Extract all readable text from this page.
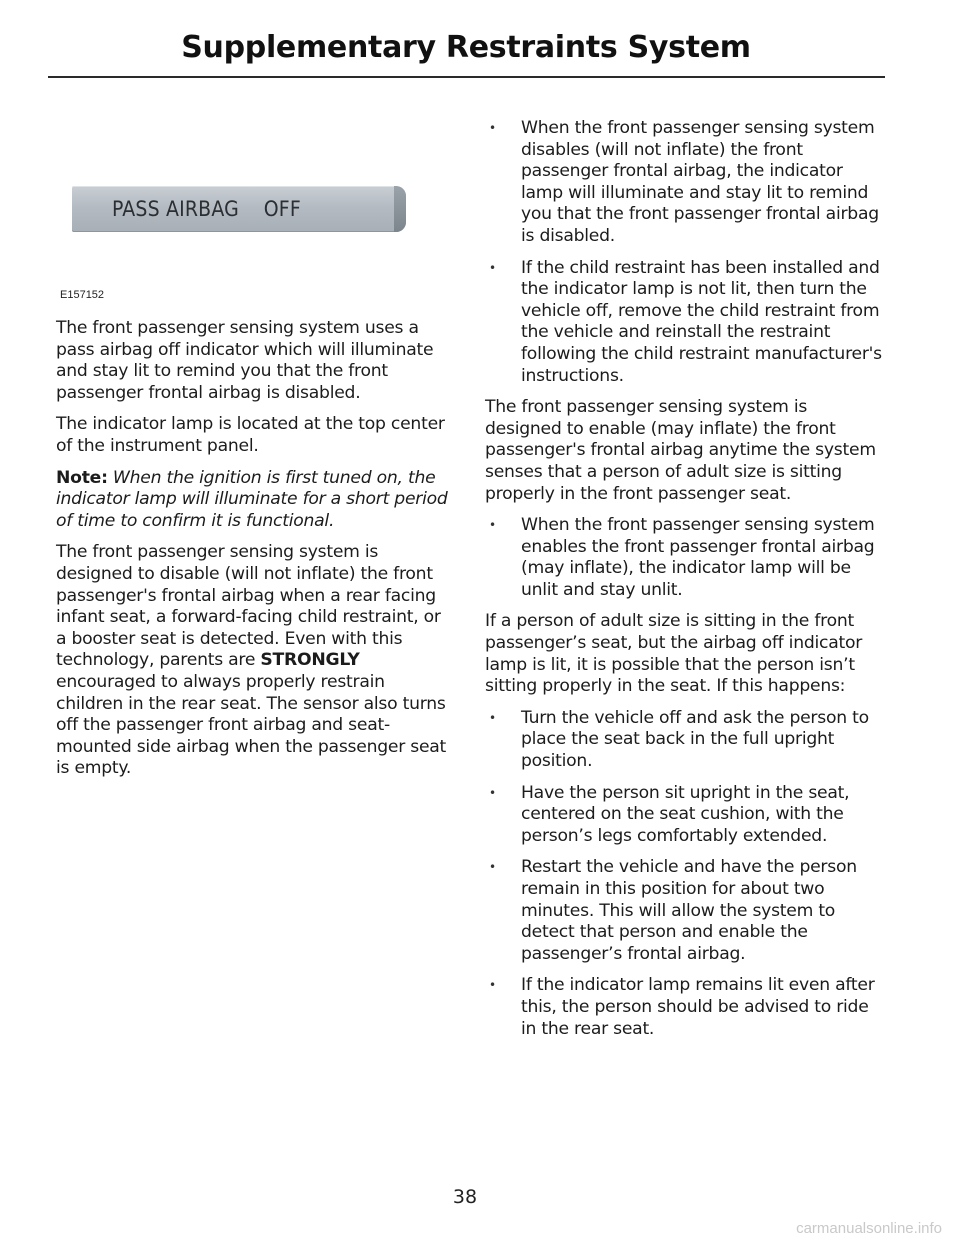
Supplementary Restraints System
PASS AIRBAG    OFF
E157152

The front passenger sensing system uses a pass airbag off indicator which will illuminate and stay lit to remind you that the front passenger frontal airbag is disabled.

The indicator lamp is located at the top center of the instrument panel.

Note: When the ignition is first tuned on, the indicator lamp will illuminate for a short period of time to confirm it is functional.

The front passenger sensing system is designed to disable (will not inflate) the front passenger's frontal airbag when a rear facing infant seat, a forward-facing child restraint, or a booster seat is detected. Even with this technology, parents are STRONGLY encouraged to always properly restrain children in the rear seat. The sensor also turns off the passenger front airbag and seat-mounted side airbag when the passenger seat is empty.

• When the front passenger sensing system disables (will not inflate) the front passenger frontal airbag, the indicator lamp will illuminate and stay lit to remind you that the front passenger frontal airbag is disabled.
• If the child restraint has been installed and the indicator lamp is not lit, then turn the vehicle off, remove the child restraint from the vehicle and reinstall the restraint following the child restraint manufacturer's instructions.

The front passenger sensing system is designed to enable (may inflate) the front passenger's frontal airbag anytime the system senses that a person of adult size is sitting properly in the front passenger seat.

• When the front passenger sensing system enables the front passenger frontal airbag (may inflate), the indicator lamp will be unlit and stay unlit.

If a person of adult size is sitting in the front passenger’s seat, but the airbag off indicator lamp is lit, it is possible that the person isn’t sitting properly in the seat. If this happens:

• Turn the vehicle off and ask the person to place the seat back in the full upright position.
• Have the person sit upright in the seat, centered on the seat cushion, with the person’s legs comfortably extended.
• Restart the vehicle and have the person remain in this position for about two minutes. This will allow the system to detect that person and enable the passenger’s frontal airbag.
• If the indicator lamp remains lit even after this, the person should be advised to ride in the rear seat.
38
carmanualsonline.info
